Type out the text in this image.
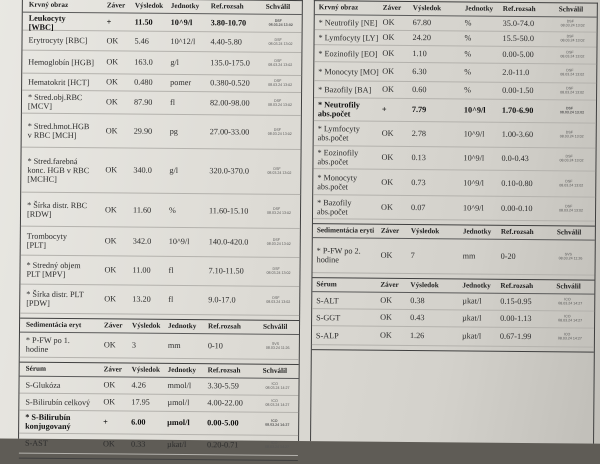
Krvný obraz	Záver Výsledok Jednotky Ref.rozsah	Schválil
Leukocyty
[WBC]
+	11.50 10^9/l 3.80-10.70	DSF
08.03.24 13:02
Erytrocyty [RBC] OK 5.46	10^12/l 4.40-5.80	DSF
08.03.24 13:02
Hemoglobín [HGB] OK 163.0 g/l	135.0-175.0	DSF
08.03.24 13:02
Hematokrit [HCT] OK 0.480 pomer 0.380-0.520	DSF
08.03.24 13:02
* Stred.obj.RBC
[MCV]	OK 87.90 fl	82.00-98.00	DSF
08.03.24 13:02
* Stred.hmot.HGB
v RBC [MCH]	OK 29.90 pg	27.00-33.00	DSF
08.03.24 13:02
* Stred.farebná
konc. HGB v RBC
[MCHC]
OK 340.0 g/l	320.0-370.0	DSF
08.03.24 13:02
* Šírka distr. RBC
[RDW]	OK 11.60 %	11.60-15.10	DSF
08.03.24 13:02
Trombocyty
[PLT]	OK 342.0 10^9/l 140.0-420.0	DSF
08.03.24 13:02
* Stredný objem
PLT [MPV]	OK 11.00 fl	7.10-11.50	DSF
08.03.24 13:02
* Šírka distr. PLT
[PDW]	OK 13.20 fl	9.0-17.0	DSF
08.03.24 13:02
Sedimentácia eryt	Záver Výsledok Jednotky Ref.rozsah	Schválil
* P-FW po 1.
hodine	OK 3	mm	0-10	SVS
08.03.24 11:26
Sérum	Záver Výsledok Jednotky Ref.rozsah	Schválil
S-Glukóza	OK 4.26	mmol/l 3.30-5.59	ICO
08.03.24 14:27
S-Bilirubín celkový OK 17.95 µmol/l 4.00-22.00	ICO
08.03.24 14:27
* S-Bilirubín
konjugovaný	+	6.00	µmol/l 0.00-5.00	ICO
08.03.24 14:27
S-AST	OK 0.33	µkat/l	0.20-0.71	ICO
08.03.24 14:27
Krvný obraz	Záver Výsledok	Jednotky Ref.rozsah	Schválil
* Neutrofily [NE] OK 67.80	%	35.0-74.0	DSF
08.03.24 13:02
* Lymfocyty [LY] OK 24.20	%	15.5-50.0	DSF
08.03.24 13:02
* Eozinofily [EO] OK 1.10	%	0.00-5.00	DSF
08.03.24 13:02
* Monocyty [MO] OK 6.30	%	2.0-11.0	DSF
08.03.24 13:02
* Bazofily [BA] OK 0.60	%	0.00-1.50	DSF
08.03.24 13:02
* Neutrofily
abs.počet	+	7.79	10^9/l 1.70-6.90	DSF
08.03.24 13:02
* Lymfocyty
abs.počet	OK 2.78	10^9/l 1.00-3.60	DSF
08.03.24 13:02
* Eozinofily
abs.počet	OK 0.13	10^9/l 0.0-0.43	DSF
08.03.24 13:02
* Monocyty
abs.počet	OK 0.73	10^9/l 0.10-0.80	DSF
08.03.24 13:02
* Bazofily
abs.počet	OK 0.07	10^9/l 0.00-0.10	DSF
08.03.24 13:02
Sedimentácia eryti Záver Výsledok	Jednotky Ref.rozsah	Schválil
* P-FW po 2.
hodine	OK 7	mm	0-20	SVS
08.03.24 11:26
Sérum	Záver Výsledok	Jednotky Ref.rozsah	Schválil
S-ALT	OK 0.38	µkat/l 0.15-0.95	ICO
08.03.24 14:27
S-GGT	OK 0.43	µkat/l 0.00-1.13	ICO
08.03.24 14:27
S-ALP	OK 1.26	µkat/l 0.67-1.99	ICO
08.03.24 14:27
